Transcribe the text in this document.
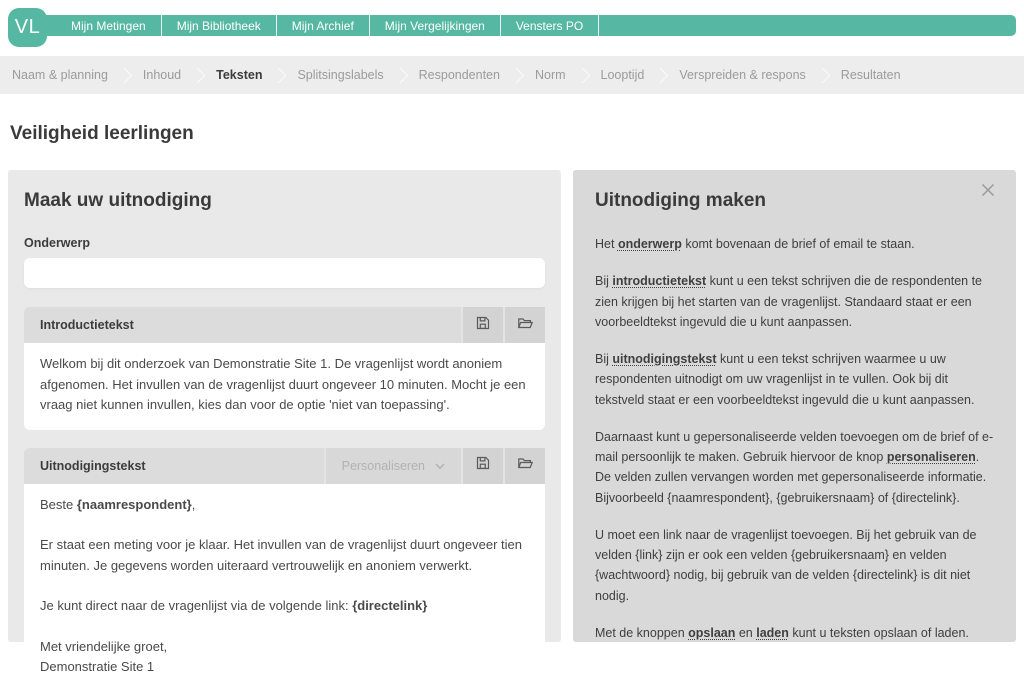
VL	Mijn Metingen	Mijn Bibliotheek	Mijn Archief	Mijn Vergelijkingen	Vensters PO
Naam & planning	Inhoud	Teksten	Splitsingslabels	Respondenten	Norm	Looptijd	Verspreiden & respons	Resultaten
Veiligheid leerlingen
Maak uw uitnodiging
Onderwerp
Introductietekst
Welkom bij dit onderzoek van Demonstratie Site 1. De vragenlijst wordt anoniem afgenomen. Het invullen van de vragenlijst duurt ongeveer 10 minuten. Mocht je een vraag niet kunnen invullen, kies dan voor de optie 'niet van toepassing'.
Uitnodigingstekst	Personaliseren

Beste {naamrespondent},

Er staat een meting voor je klaar. Het invullen van de vragenlijst duurt ongeveer tien minuten. Je gegevens worden uiteraard vertrouwelijk en anoniem verwerkt.

Je kunt direct naar de vragenlijst via de volgende link: {directelink}

Met vriendelijke groet,
Demonstratie Site 1

Uitnodiging maken

Het onderwerp komt bovenaan de brief of email te staan.

Bij introductietekst kunt u een tekst schrijven die de respondenten te zien krijgen bij het starten van de vragenlijst. Standaard staat er een voorbeeldtekst ingevuld die u kunt aanpassen.

Bij uitnodigingstekst kunt u een tekst schrijven waarmee u uw respondenten uitnodigt om uw vragenlijst in te vullen. Ook bij dit tekstveld staat er een voorbeeldtekst ingevuld die u kunt aanpassen.

Daarnaast kunt u gepersonaliseerde velden toevoegen om de brief of e-mail persoonlijk te maken. Gebruik hiervoor de knop personaliseren. De velden zullen vervangen worden met gepersonaliseerde informatie. Bijvoorbeeld {naamrespondent}, {gebruikersnaam} of {directelink}.

U moet een link naar de vragenlijst toevoegen. Bij het gebruik van de velden {link} zijn er ook een velden {gebruikersnaam} en velden {wachtwoord} nodig, bij gebruik van de velden {directelink} is dit niet nodig.

Met de knoppen opslaan en laden kunt u teksten opslaan of laden.
